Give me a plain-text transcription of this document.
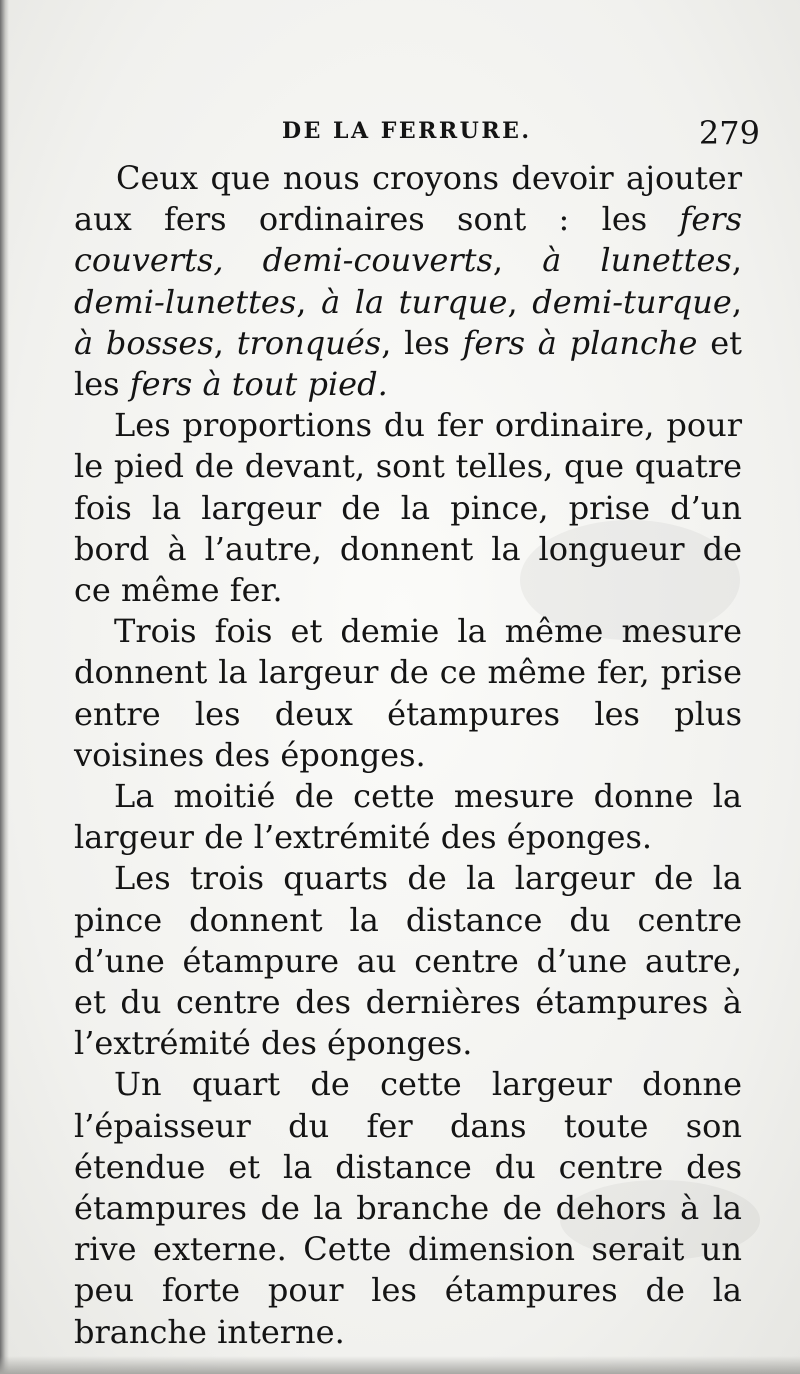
DE LA FERRURE.	279

Ceux que nous croyons devoir ajouter aux fers ordinaires sont : les fers couverts, demi-couverts, à lunettes, demi-lunettes, à la turque, demi-turque, à bosses, tronqués, les fers à planche et les fers à tout pied.

Les proportions du fer ordinaire, pour le pied de devant, sont telles, que quatre fois la largeur de la pince, prise d’un bord à l’autre, donnent la longueur de ce même fer.

Trois fois et demie la même mesure donnent la largeur de ce même fer, prise entre les deux étampures les plus voisines des éponges.

La moitié de cette mesure donne la largeur de l’extrémité des éponges.

Les trois quarts de la largeur de la pince donnent la distance du centre d’une étampure au centre d’une autre, et du centre des dernières étampures à l’extrémité des éponges.

Un quart de cette largeur donne l’épaisseur du fer dans toute son étendue et la distance du centre des étampures de la branche de dehors à la rive externe. Cette dimension serait un peu forte pour les étampures de la branche interne.
